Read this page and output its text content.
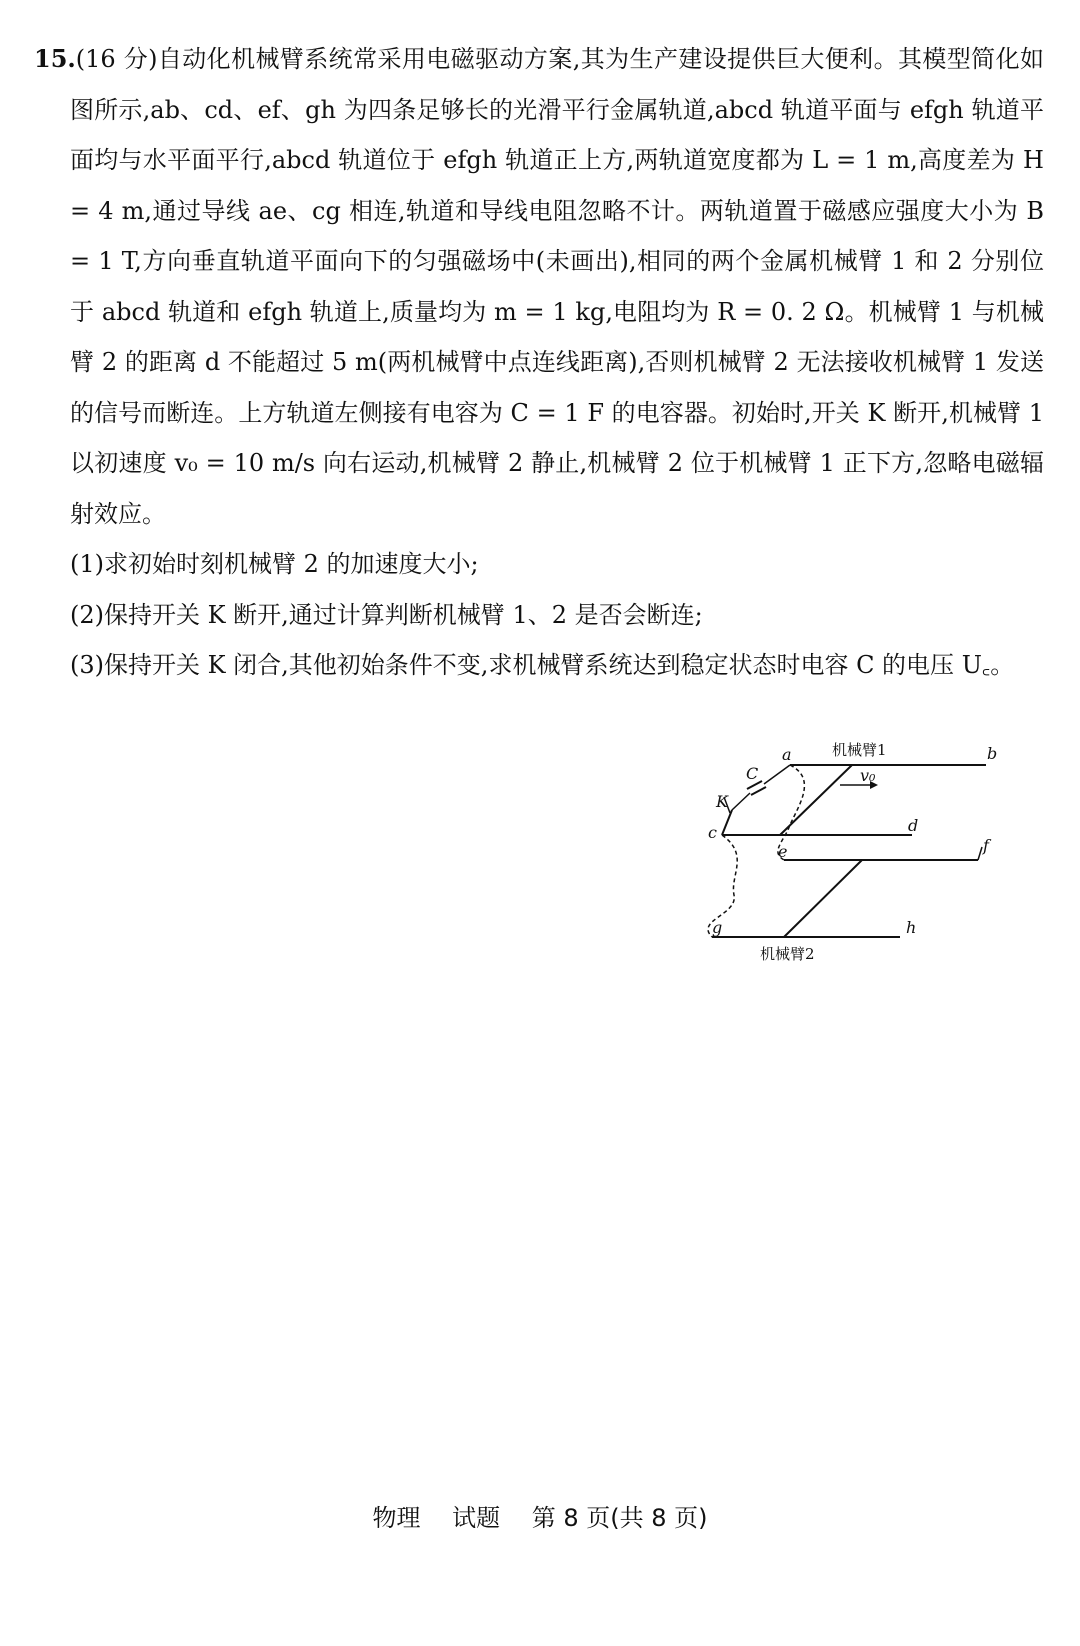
15.(16 分)自动化机械臂系统常采用电磁驱动方案,其为生产建设提供巨大便利。其模型简化如图所示,ab、cd、ef、gh 为四条足够长的光滑平行金属轨道,abcd 轨道平面与 efgh 轨道平面均与水平面平行,abcd 轨道位于 efgh 轨道正上方,两轨道宽度都为 L = 1 m,高度差为 H = 4 m,通过导线 ae、cg 相连,轨道和导线电阻忽略不计。两轨道置于磁感应强度大小为 B = 1 T,方向垂直轨道平面向下的匀强磁场中(未画出),相同的两个金属机械臂 1 和 2 分别位于 abcd 轨道和 efgh 轨道上,质量均为 m = 1 kg,电阻均为 R = 0. 2 Ω。机械臂 1 与机械臂 2 的距离 d 不能超过 5 m(两机械臂中点连线距离),否则机械臂 2 无法接收机械臂 1 发送的信号而断连。上方轨道左侧接有电容为 C = 1 F 的电容器。初始时,开关 K 断开,机械臂 1 以初速度 v₀ = 10 m/s 向右运动,机械臂 2 静止,机械臂 2 位于机械臂 1 正下方,忽略电磁辐射效应。

(1)求初始时刻机械臂 2 的加速度大小;

(2)保持开关 K 断开,通过计算判断机械臂 1、2 是否会断连;

(3)保持开关 K 闭合,其他初始条件不变,求机械臂系统达到稳定状态时电容 C 的电压 U꜀。

a	b
c	d
e	f
g	h
C
K
v₀
机械臂1
机械臂2
物理 试题 第 8 页(共 8 页)
